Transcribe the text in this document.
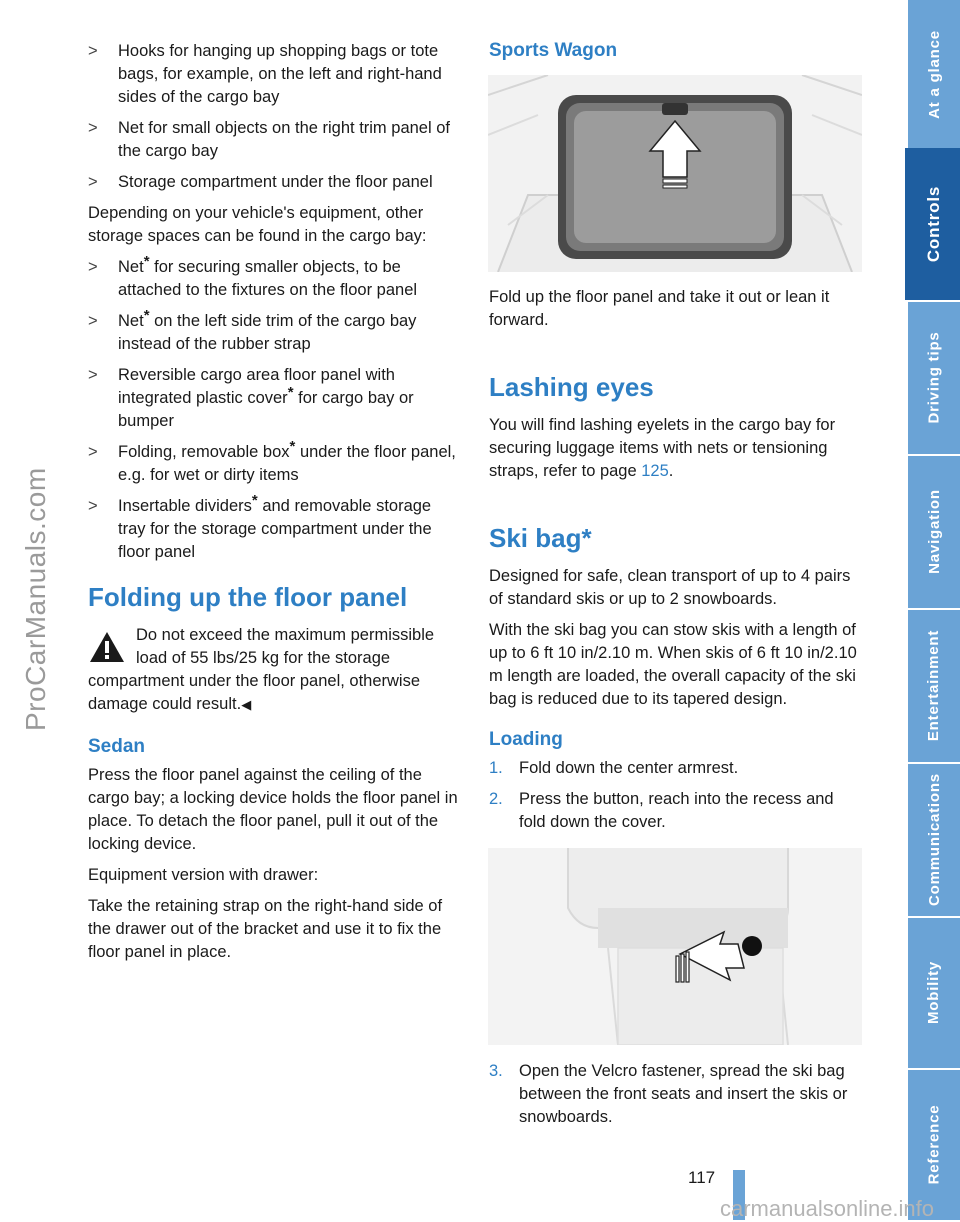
ProCarManuals.com
> Hooks for hanging up shopping bags or tote bags, for example, on the left and right-hand sides of the cargo bay
> Net for small objects on the right trim panel of the cargo bay
> Storage compartment under the floor panel
Depending on your vehicle's equipment, other storage spaces can be found in the cargo bay:
> Net* for securing smaller objects, to be attached to the fixtures on the floor panel
> Net* on the left side trim of the cargo bay instead of the rubber strap
> Reversible cargo area floor panel with integrated plastic cover* for cargo bay or bumper
> Folding, removable box* under the floor panel, e.g. for wet or dirty items
> Insertable dividers* and removable storage tray for the storage compartment under the floor panel
Folding up the floor panel
Do not exceed the maximum permissible load of 55 lbs/25 kg for the storage compartment under the floor panel, otherwise damage could result.◀
Sedan
Press the floor panel against the ceiling of the cargo bay; a locking device holds the floor panel in place. To detach the floor panel, pull it out of the locking device.
Equipment version with drawer:
Take the retaining strap on the right-hand side of the drawer out of the bracket and use it to fix the floor panel in place.
Sports Wagon
Fold up the floor panel and take it out or lean it forward.
Lashing eyes
You will find lashing eyelets in the cargo bay for securing luggage items with nets or tensioning straps, refer to page 125.
Ski bag*
Designed for safe, clean transport of up to 4 pairs of standard skis or up to 2 snowboards.
With the ski bag you can stow skis with a length of up to 6 ft 10 in/2.10 m. When skis of 6 ft 10 in/2.10 m length are loaded, the overall capacity of the ski bag is reduced due to its tapered design.
Loading
1. Fold down the center armrest.
2. Press the button, reach into the recess and fold down the cover.
3. Open the Velcro fastener, spread the ski bag between the front seats and insert the skis or snowboards.
At a glance
Controls
Driving tips
Navigation
Entertainment
Communications
Mobility
Reference
117
carmanualsonline.info
